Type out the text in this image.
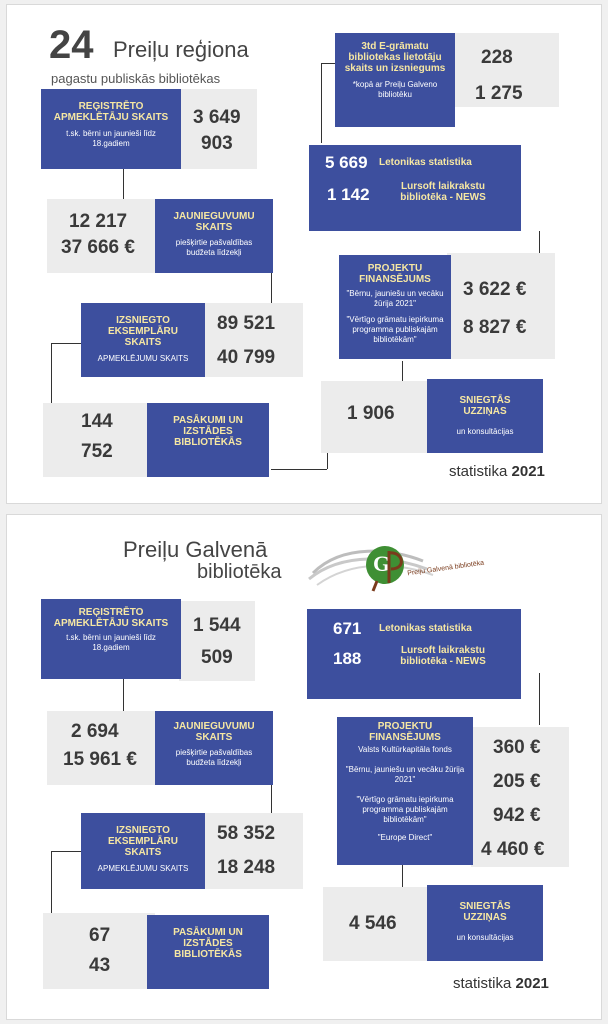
24 Preiļu reģiona
pagastu publiskās bibliotēkas
3 649
903
REĢISTRĒTO APMEKLĒTĀJU SKAITS
t.sk. bērni un jaunieši līdz 18.gadiem
12 217
37 666 €
JAUNIEGUVUMU SKAITS
piešķirtie pašvaldības budžeta līdzekļi
89 521
40 799
IZSNIEGTO EKSEMPLĀRU SKAITS
APMEKLĒJUMU SKAITS
144
752
PASĀKUMI UN IZSTĀDES BIBLIOTĒKĀS
228
1 275
3td E-grāmatu bibliotekas lietotāju skaits un izsniegums
*kopā ar Preiļu Galveno bibliotēku
5 669 Letonikas statistika
1 142	Lursoft laikrakstu bibliotēka - NEWS
*abonētās datubāzes
3 622 €
8 827 €
PROJEKTU FINANSĒJUMS
"Bērnu, jauniešu un vecāku žūrija 2021"
"Vērtīgo grāmatu iepirkuma programma publiskajām bibliotēkām"
1 906
SNIEGTĀS UZZIŅAS
un konsultācijas
statistika 2021
Preiļu Galvenā
bibliotēka	G Preiļu Galvenā bibliotēka
1 544
509
REĢISTRĒTO APMEKLĒTĀJU SKAITS
t.sk. bērni un jaunieši līdz 18.gadiem
2 694
15 961 €
JAUNIEGUVUMU SKAITS
piešķirtie pašvaldības budžeta līdzekļi
58 352
18 248
IZSNIEGTO EKSEMPLĀRU SKAITS
APMEKLĒJUMU SKAITS
67
43
PASĀKUMI UN IZSTĀDES BIBLIOTĒKĀS
671 Letonikas statistika
188	Lursoft laikrakstu bibliotēka - NEWS
*abonētās datubāzes
360 €
205 €
942 €
4 460 €
PROJEKTU FINANSĒJUMS
Valsts Kultūrkapitāla fonds
"Bērnu, jauniešu un vecāku žūrija 2021"
"Vērtīgo grāmatu iepirkuma programma publiskajām bibliotēkām"
"Europe Direct"
4 546
SNIEGTĀS UZZIŅAS
un konsultācijas
statistika 2021
